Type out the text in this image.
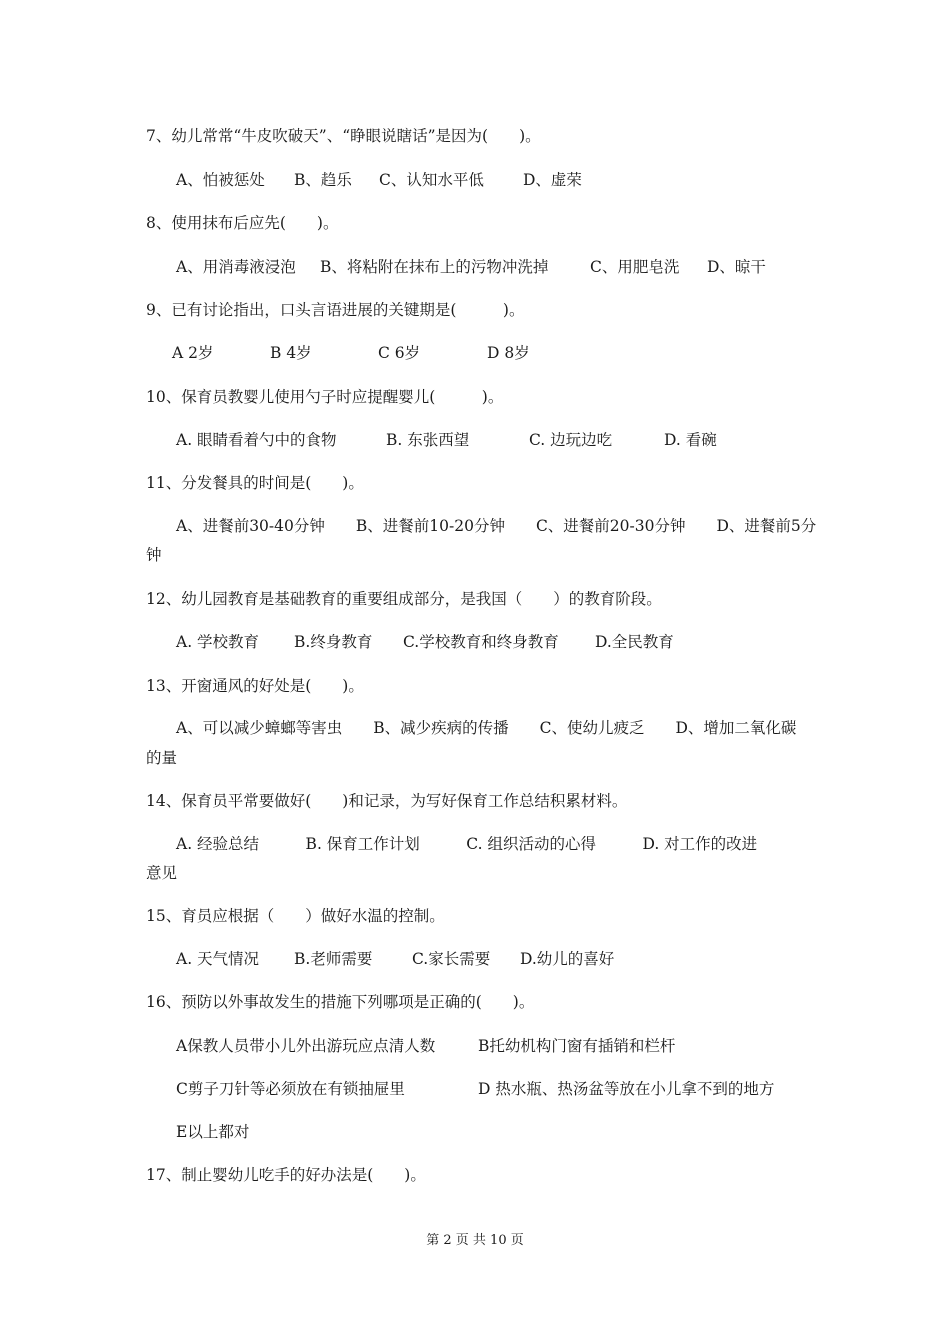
7、幼儿常常“牛皮吹破天”、“睁眼说瞎话”是因为(　　)。
A、怕被惩处 B、趋乐 C、认知水平低	D、虚荣
8、使用抹布后应先(　　)。
A、用消毒液浸泡 B、将粘附在抹布上的污物冲洗掉	C、用肥皂洗 D、晾干
9、已有讨论指出，口头言语进展的关键期是(　　　)。
A 2岁	B 4岁	C 6岁	D 8岁
10、保育员教婴儿使用勺子时应提醒婴儿(　　　)。
A. 眼睛看着勺中的食物	B. 东张西望	C. 边玩边吃	D. 看碗
11、分发餐具的时间是(　　)。
A、进餐前30-40分钟　　B、进餐前10-20分钟　　C、进餐前20-30分钟　　D、进餐前5分
钟
12、幼儿园教育是基础教育的重要组成部分，是我国（　　）的教育阶段。
A. 学校教育 B.终身教育 C.学校教育和终身教育 D.全民教育
13、开窗通风的好处是(　　)。
A、可以减少蟑螂等害虫　　B、减少疾病的传播　　C、使幼儿疲乏　　D、增加二氧化碳
的量
14、保育员平常要做好(　　)和记录，为写好保育工作总结积累材料。
A. 经验总结　　　B. 保育工作计划　　　C. 组织活动的心得　　　D. 对工作的改进
意见
15、育员应根据（　　）做好水温的控制。
A. 天气情况 B.老师需要	C.家长需要 D.幼儿的喜好
16、预防以外事故发生的措施下列哪项是正确的(　　)。
A保教人员带小儿外出游玩应点清人数	B托幼机构门窗有插销和栏杆
C剪子刀针等必须放在有锁抽屉里	D 热水瓶、热汤盆等放在小儿拿不到的地方
E以上都对
17、制止婴幼儿吃手的好办法是(　　)。
第 2 页 共 10 页
